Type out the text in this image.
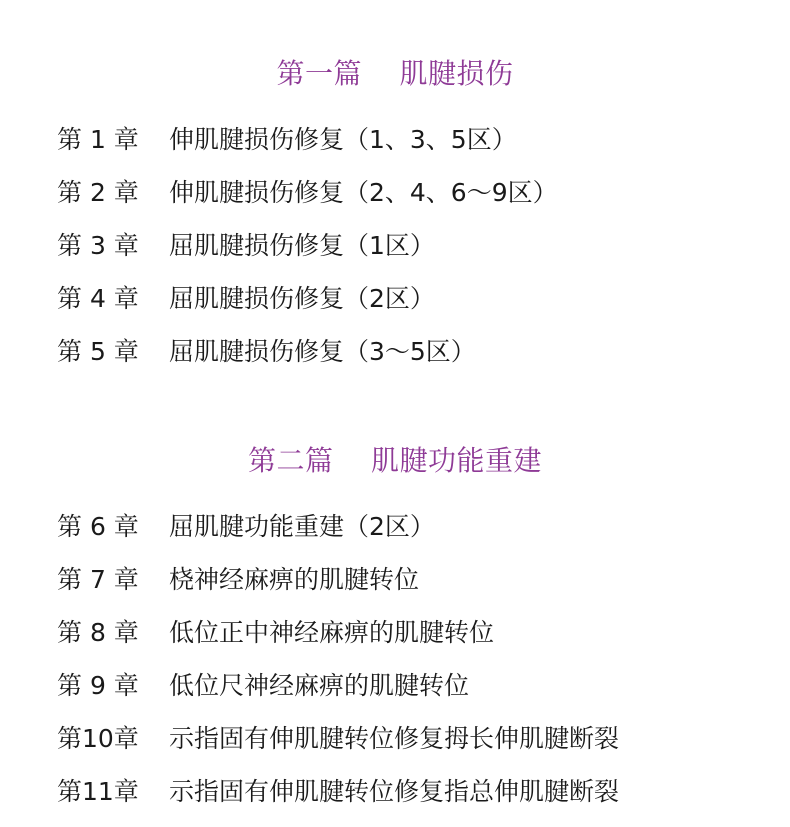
第一篇    肌腱损伤
第 1 章	伸肌腱损伤修复（1、3、5区）
第 2 章	伸肌腱损伤修复（2、4、6～9区）
第 3 章	屈肌腱损伤修复（1区）
第 4 章	屈肌腱损伤修复（2区）
第 5 章	屈肌腱损伤修复（3～5区）
第二篇    肌腱功能重建
第 6 章	屈肌腱功能重建（2区）
第 7 章	桡神经麻痹的肌腱转位
第 8 章	低位正中神经麻痹的肌腱转位
第 9 章	低位尺神经麻痹的肌腱转位
第10章	示指固有伸肌腱转位修复拇长伸肌腱断裂
第11章	示指固有伸肌腱转位修复指总伸肌腱断裂
